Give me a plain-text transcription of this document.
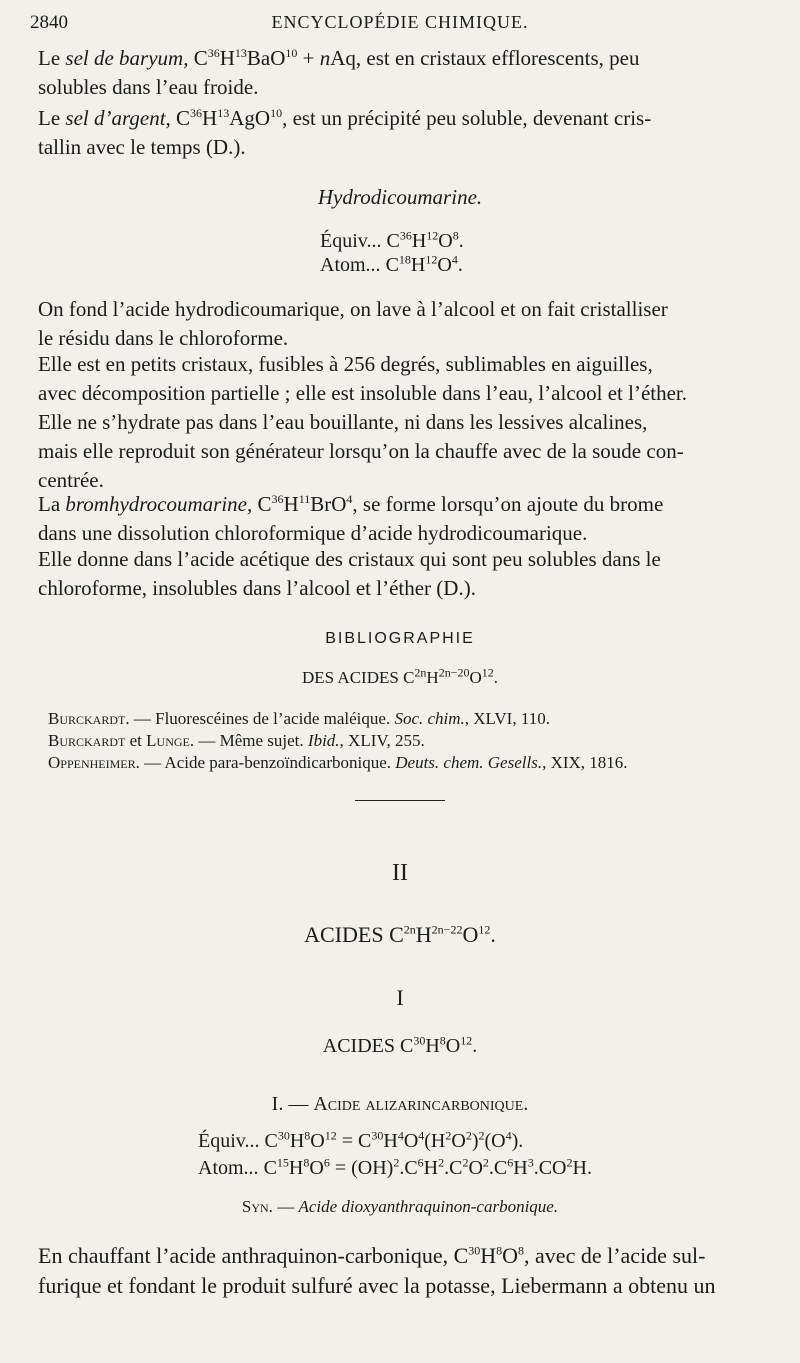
2840	ENCYCLOPÉDIE CHIMIQUE.
Le sel de baryum, $C^{36}H^{13}BaO^{10}$ + nAq, est en cristaux efflorescents, peu
solubles dans l’eau froide.
Le sel d’argent, $C^{36}H^{13}AgO^{10}$, est un précipité peu soluble, devenant cris-
tallin avec le temps (D.).
Hydrodicoumarine.
Équiv... $C^{36}H^{12}O^8$.
Atom... $C^{18}H^{12}O^4$.
On fond l’acide hydrodicoumarique, on lave à l’alcool et on fait cristalliser
le résidu dans le chloroforme.
Elle est en petits cristaux, fusibles à 256 degrés, sublimables en aiguilles,
avec décomposition partielle ; elle est insoluble dans l’eau, l’alcool et l’éther.
Elle ne s’hydrate pas dans l’eau bouillante, ni dans les lessives alcalines,
mais elle reproduit son générateur lorsqu’on la chauffe avec de la soude con-
centrée.
La bromhydrocoumarine, $C^{36}H^{11}BrO^4$, se forme lorsqu’on ajoute du brome
dans une dissolution chloroformique d’acide hydrodicoumarique.
Elle donne dans l’acide acétique des cristaux qui sont peu solubles dans le
chloroforme, insolubles dans l’alcool et l’éther (D.).
BIBLIOGRAPHIE
DES ACIDES $C^{2n}H^{2n-20}O^{12}$.
Burckardt. — Fluorescéines de l’acide maléique. Soc. chim., XLVI, 110.
Burckardt et Lunge. — Même sujet. Ibid., XLIV, 255.
Oppenheimer. — Acide para-benzoïndicarbonique. Deuts. chem. Gesells., XIX, 1816.
II
ACIDES $C^{2n}H^{2n-22}O^{12}$.
I
ACIDES $C^{30}H^8O^{12}$.
I. — Acide alizarincarbonique.
Équiv... $C^{30}H^8O^{12} = C^{30}H^4O^4(H^2O^2)^2(O^4)$.
Atom... $C^{15}H^8O^6 = (OH)^2.C^6H^2.C^2O^2.C^6H^3.CO^2H$.
Syn. — Acide dioxyanthraquinon-carbonique.
En chauffant l’acide anthraquinon-carbonique, $C^{30}H^8O^8$, avec de l’acide sul-
furique et fondant le produit sulfuré avec la potasse, Liebermann a obtenu un
